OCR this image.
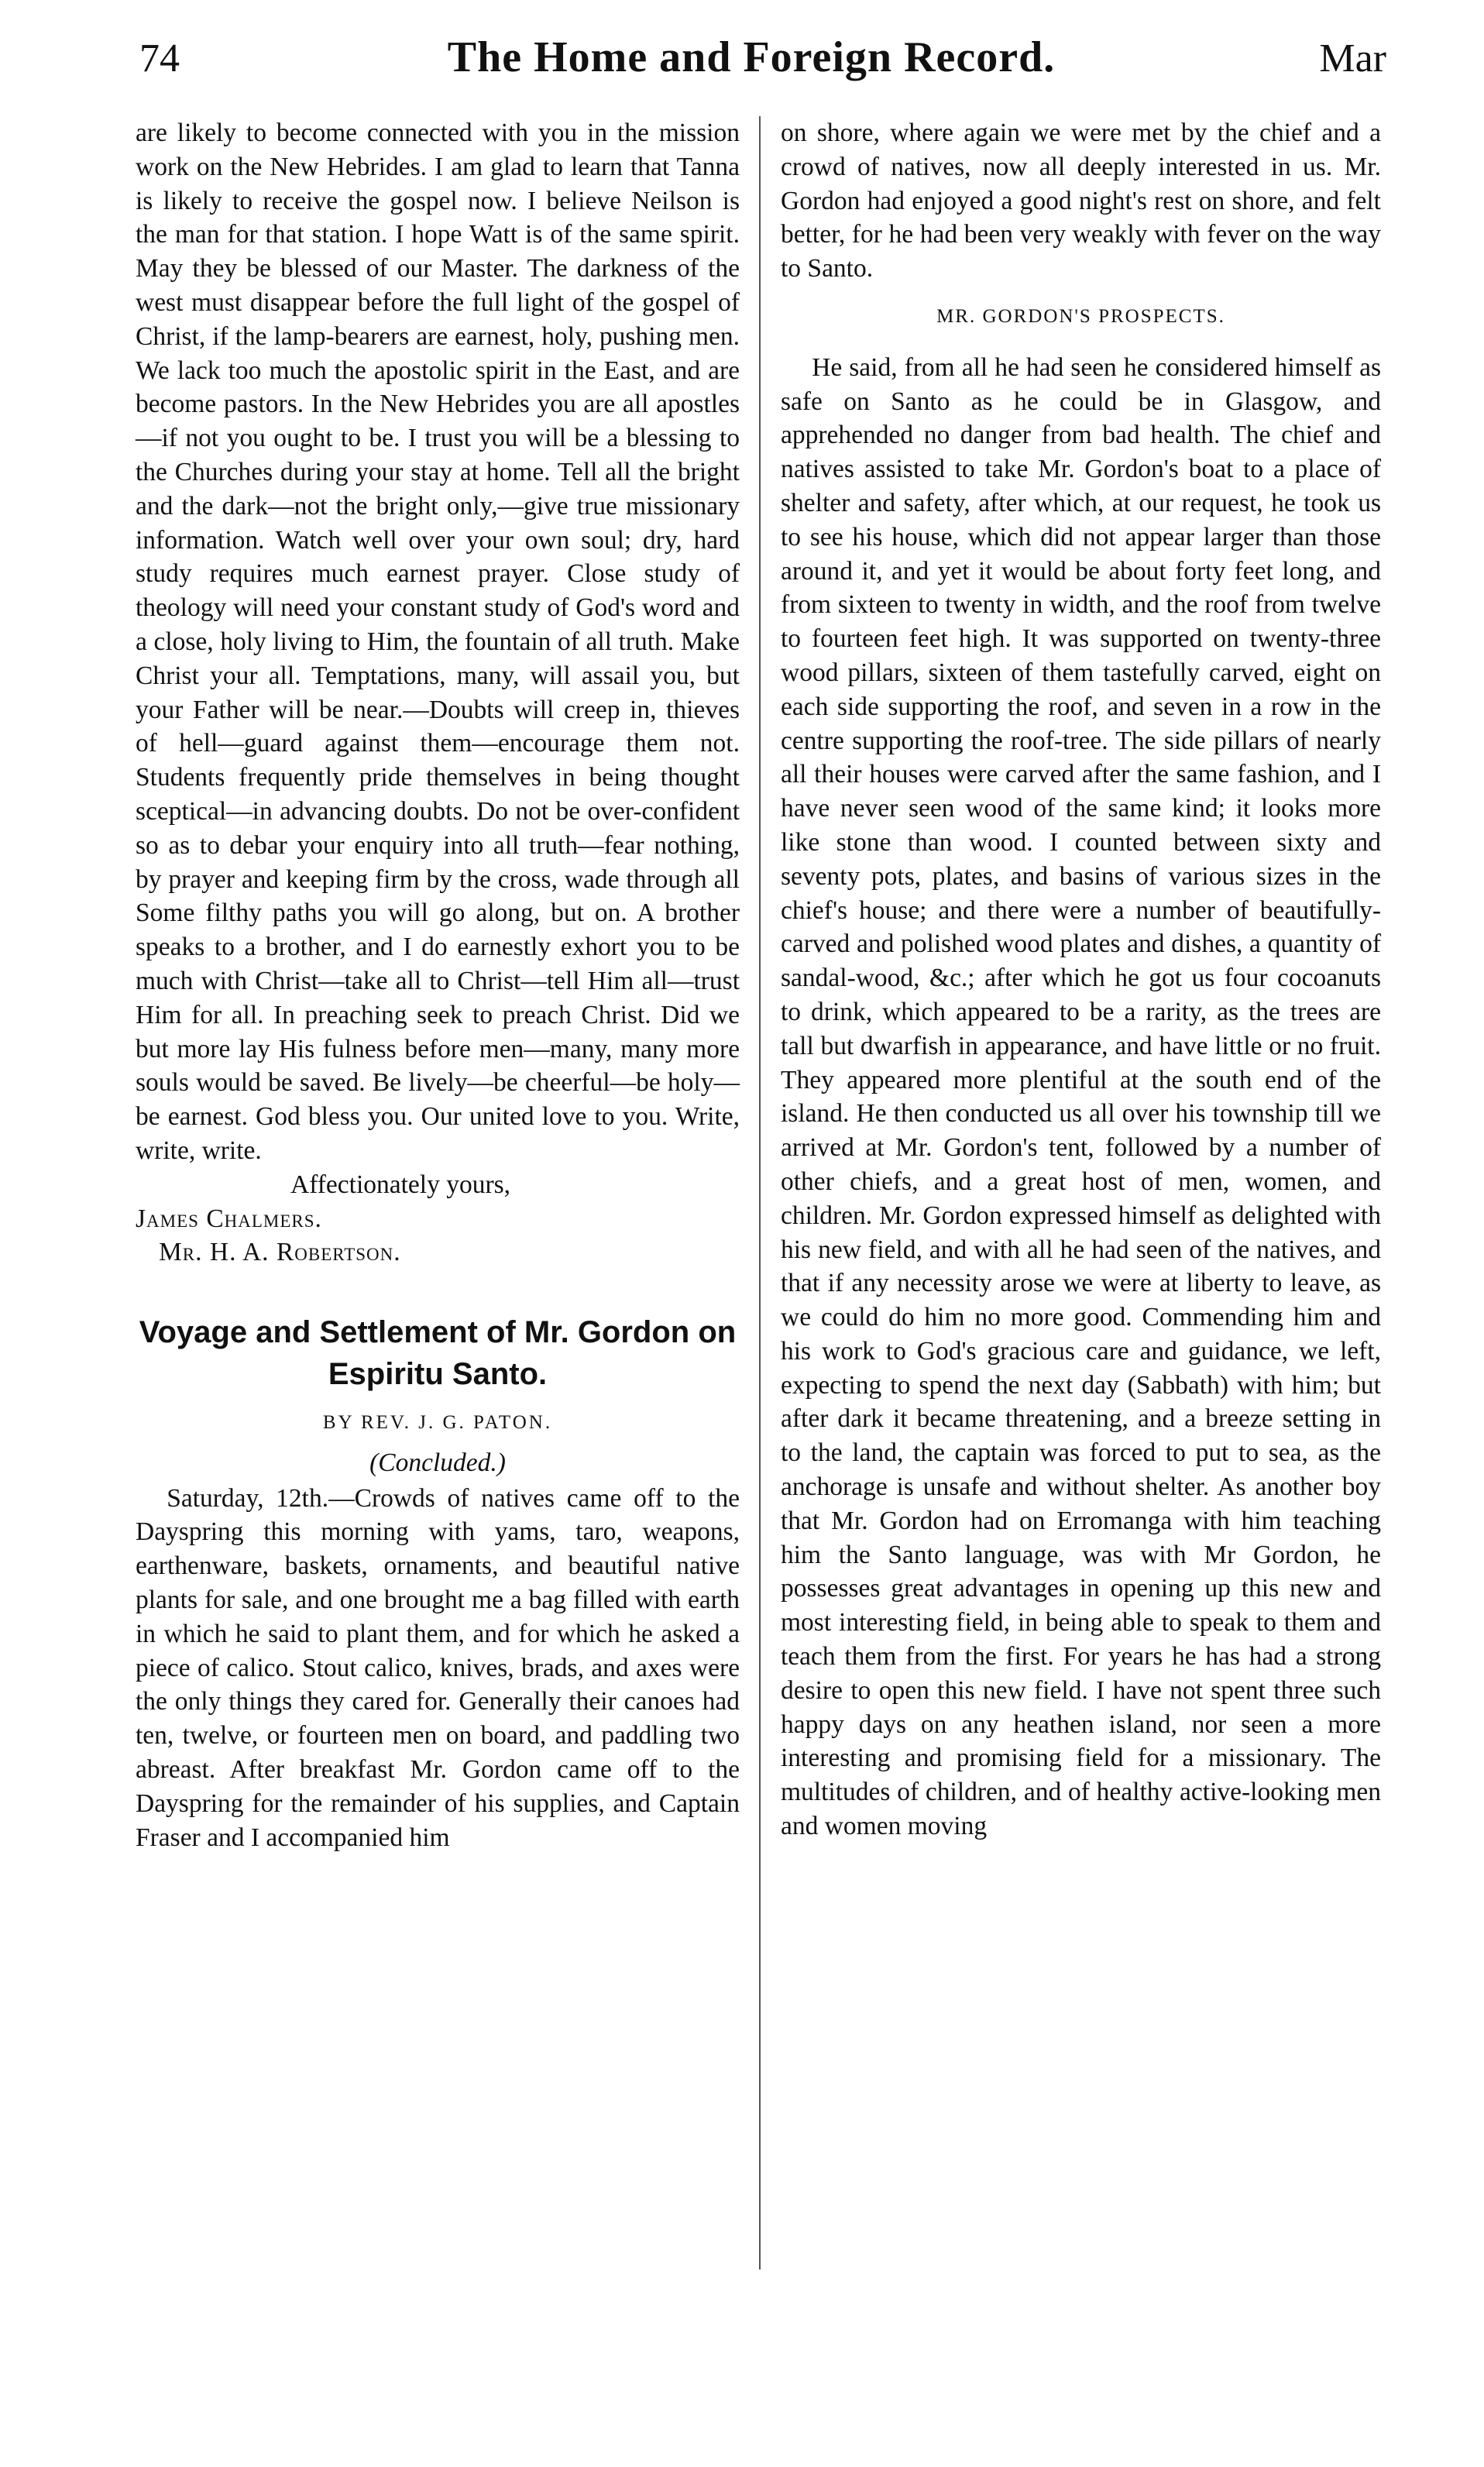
74	The Home and Foreign Record.	Mar

are likely to become connected with you in the mission work on the New Hebrides. I am glad to learn that Tanna is likely to receive the gospel now. I believe Neilson is the man for that station. I hope Watt is of the same spirit. May they be blessed of our Master. The darkness of the west must disappear before the full light of the gospel of Christ, if the lamp-bearers are earnest, holy, pushing men. We lack too much the apostolic spirit in the East, and are become pastors. In the New Hebrides you are all apostles—if not you ought to be. I trust you will be a blessing to the Churches during your stay at home. Tell all the bright and the dark—not the bright only,—give true missionary information. Watch well over your own soul; dry, hard study requires much earnest prayer. Close study of theology will need your constant study of God's word and a close, holy living to Him, the fountain of all truth. Make Christ your all. Temptations, many, will assail you, but your Father will be near.—Doubts will creep in, thieves of hell—guard against them—encourage them not. Students frequently pride themselves in being thought sceptical—in advancing doubts. Do not be over-confident so as to debar your enquiry into all truth—fear nothing, by prayer and keeping firm by the cross, wade through all Some filthy paths you will go along, but on. A brother speaks to a brother, and I do earnestly exhort you to be much with Christ—take all to Christ—tell Him all—trust Him for all. In preaching seek to preach Christ. Did we but more lay His fulness before men—many, many more souls would be saved. Be lively—be cheerful—be holy—be earnest. God bless you. Our united love to you. Write, write, write.

Affectionately yours,

James Chalmers.

Mr. H. A. Robertson.

Voyage and Settlement of Mr. Gordon on Espiritu Santo.

BY REV. J. G. PATON.

(Concluded.)

Saturday, 12th.—Crowds of natives came off to the Dayspring this morning with yams, taro, weapons, earthenware, baskets, ornaments, and beautiful native plants for sale, and one brought me a bag filled with earth in which he said to plant them, and for which he asked a piece of calico. Stout calico, knives, brads, and axes were the only things they cared for. Generally their canoes had ten, twelve, or fourteen men on board, and paddling two abreast. After breakfast Mr. Gordon came off to the Dayspring for the remainder of his supplies, and Captain Fraser and I accompanied him

on shore, where again we were met by the chief and a crowd of natives, now all deeply interested in us. Mr. Gordon had enjoyed a good night's rest on shore, and felt better, for he had been very weakly with fever on the way to Santo.

MR. GORDON'S PROSPECTS.

He said, from all he had seen he considered himself as safe on Santo as he could be in Glasgow, and apprehended no danger from bad health. The chief and natives assisted to take Mr. Gordon's boat to a place of shelter and safety, after which, at our request, he took us to see his house, which did not appear larger than those around it, and yet it would be about forty feet long, and from sixteen to twenty in width, and the roof from twelve to fourteen feet high. It was supported on twenty-three wood pillars, sixteen of them tastefully carved, eight on each side supporting the roof, and seven in a row in the centre supporting the roof-tree. The side pillars of nearly all their houses were carved after the same fashion, and I have never seen wood of the same kind; it looks more like stone than wood. I counted between sixty and seventy pots, plates, and basins of various sizes in the chief's house; and there were a number of beautifully-carved and polished wood plates and dishes, a quantity of sandal-wood, &c.; after which he got us four cocoanuts to drink, which appeared to be a rarity, as the trees are tall but dwarfish in appearance, and have little or no fruit. They appeared more plentiful at the south end of the island. He then conducted us all over his township till we arrived at Mr. Gordon's tent, followed by a number of other chiefs, and a great host of men, women, and children. Mr. Gordon expressed himself as delighted with his new field, and with all he had seen of the natives, and that if any necessity arose we were at liberty to leave, as we could do him no more good. Commending him and his work to God's gracious care and guidance, we left, expecting to spend the next day (Sabbath) with him; but after dark it became threatening, and a breeze setting in to the land, the captain was forced to put to sea, as the anchorage is unsafe and without shelter. As another boy that Mr. Gordon had on Erromanga with him teaching him the Santo language, was with Mr Gordon, he possesses great advantages in opening up this new and most interesting field, in being able to speak to them and teach them from the first. For years he has had a strong desire to open this new field. I have not spent three such happy days on any heathen island, nor seen a more interesting and promising field for a missionary. The multitudes of children, and of healthy active-looking men and women moving
